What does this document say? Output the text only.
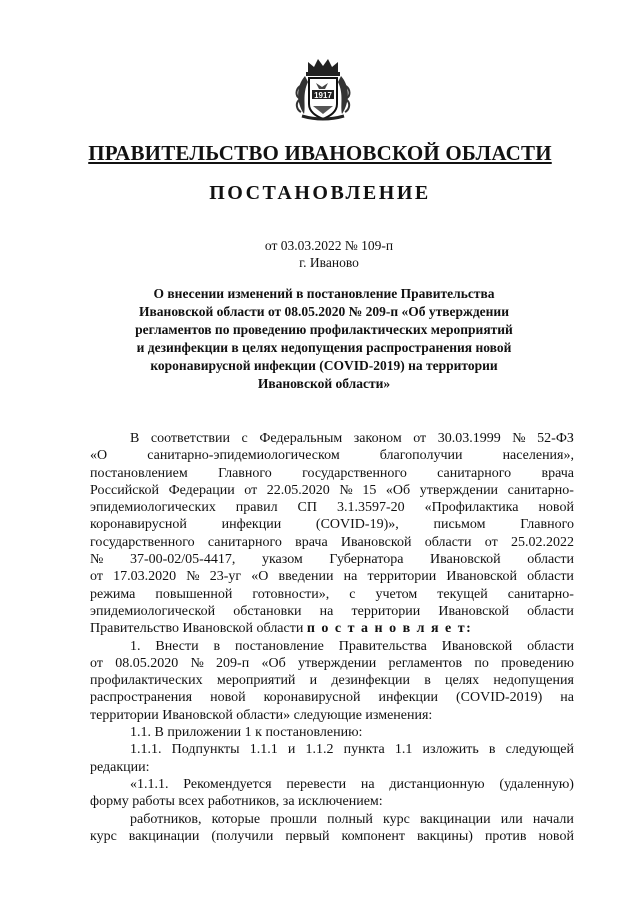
1917
ПРАВИТЕЛЬСТВО ИВАНОВСКОЙ ОБЛАСТИ
ПОСТАНОВЛЕНИЕ
от 03.03.2022 № 109-п
г. Иваново
О внесении изменений в постановление Правительства
Ивановской области от 08.05.2020 № 209-п «Об утверждении
регламентов по проведению профилактических мероприятий
и дезинфекции в целях недопущения распространения новой
коронавирусной инфекции (COVID-2019) на территории
Ивановской области»
В соответствии с Федеральным законом от 30.03.1999 № 52-ФЗ
«О	санитарно-эпидемиологическом	благополучии	населения»,
постановлением Главного государственного санитарного врача
Российской Федерации от 22.05.2020 № 15 «Об утверждении санитарно-
эпидемиологических правил СП 3.1.3597-20 «Профилактика новой
коронавирусной инфекции (COVID-19)», письмом Главного
государственного санитарного врача Ивановской области от 25.02.2022
№ 37-00-02/05-4417, указом Губернатора Ивановской области
от 17.03.2020 № 23-уг «О введении на территории Ивановской области
режима повышенной готовности», с учетом текущей санитарно-
эпидемиологической обстановки на территории Ивановской области
Правительство Ивановской области
п о с т а н о в л я е т:
1. Внести в постановление Правительства Ивановской области
от 08.05.2020 № 209-п «Об утверждении регламентов по проведению
профилактических мероприятий и дезинфекции в целях недопущения
распространения новой коронавирусной инфекции (COVID-2019) на
территории Ивановской области» следующие изменения:
1.1. В приложении 1 к постановлению:
1.1.1. Подпункты 1.1.1 и 1.1.2 пункта 1.1 изложить в следующей
редакции:
«1.1.1. Рекомендуется перевести на дистанционную (удаленную)
форму работы всех работников, за исключением:
работников, которые прошли полный курс вакцинации или начали
курс вакцинации (получили первый компонент вакцины) против новой
